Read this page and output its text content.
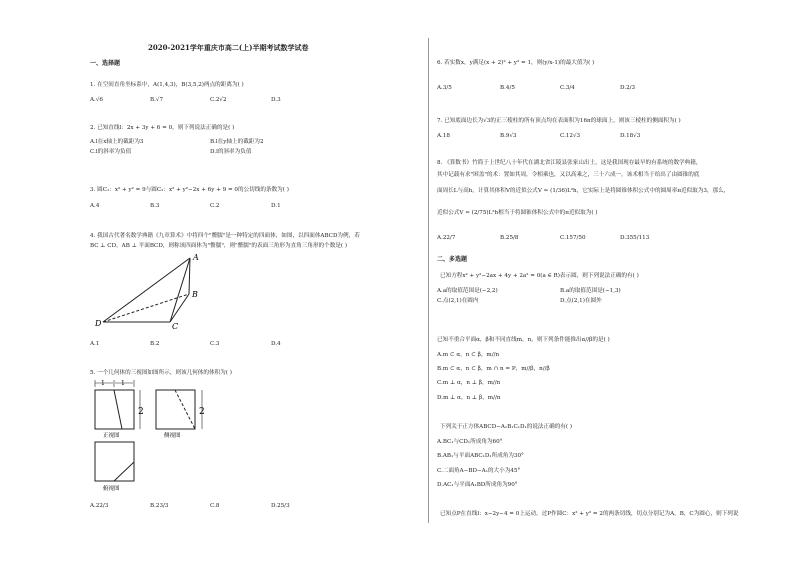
2020-2021学年重庆市高二(上)半期考试数学试卷
一、选择题
1. 在空间直角坐标系中，A(1,4,3)，B(3,5,2)两点的距离为( )
A.√6	B.√7	C.2√2	D.3
2. 已知直线l：2x + 3y + 6 = 0，则下列说法正确的是( )
A.l在x轴上的截距为3	B.l在y轴上的截距为2
C.l的斜率为负值	D.l的斜率为负值
3. 圆C₁：x² + y² = 9与圆C₂：x² + y²−2x + 6y + 9 = 0的公切线的条数为( )
A.4	B.3	C.2	D.1
4. 我国古代著名数学典籍《九章算术》中将四个"鳖臑"是一种特定的四面体，如图，以四面体ABCD为例，若
BC ⊥ CD，AB ⊥ 平面BCD，则称该四面体为"鳖臑"，则"鳖臑"的表面三角形为直角三角形的个数是( )
A
B
C
D
A.1	B.2	C.3	D.4
5. 一个几何体的三视图如图所示，则该几何体的体积为( )
1	1
2
正视图
2
侧视图
俯视图
A.22/3	B.23/3	C.8	D.25/3
6. 若实数x，y满足(x + 2)² + y² = 1，则(y/x-1)的最大值为( )
A.3/5	B.4/5	C.3/4	D.2/3
7. 已知底面边长为√3的正三棱柱的所有顶点均在表面积为16π的球面上，则该三棱柱的侧面积为( )
A.18	B.9√3	C.12√3	D.18√3
8. 《算数书》竹简于上世纪八十年代在湖北省江陵县张家山出土，这是我国现存最早的有系统的数学典籍，
其中记载有求"困盖"的术：置如其周，令相乘也，又以高乘之，三十六成一。该术相当于给出了由圆锥的底
面周长L与高h，计算其体积V的近似公式V ≈ (1/36)L²h，它实际上是将圆锥体积公式中的圆周率π近似取为3，那么，
近似公式V ≈ (2/75)L²h相当于将圆锥体积公式中的π近似取为( )
A.22/7	B.25/8	C.157/50	D.355/113
二、多选题
已知方程x² + y²−2ax + 4y + 2a² = 0(a ∈ R)表示圆，则下列说法正确的有( )
A.a的取值范围是(−2,2)	B.a的取值范围是(−1,3)
C.点(2,1)在圆内	D.点(2,1)在圆外
已知不重合平面α，β和不同直线m，n，则下列条件能推出α//β的是( )
A.m ⊂ α，n ⊂ β，m//n
B.m ⊂ α，n ⊂ β，m ∩ n = P，m//β，n//β
C.m ⊥ α，n ⊥ β，m//n
D.m ⊥ α，n ⊥ β，m//n
下列关于正方体ABCD−A₁B₁C₁D₁的说法正确的有( )
A.BC₁与CD₁所成角为60°
B.AB₁与平面ABC₁D₁所成角为30°
C.二面角A−BD−A₁的大小为45°
D.AC₁与平面A₁BD所成角为90°
已知点P在直线l：x−2y−4 = 0上运动，过P作圆C：x² + y² = 2的两条切线，切点分别记为A，B，C为圆心，则下列说
